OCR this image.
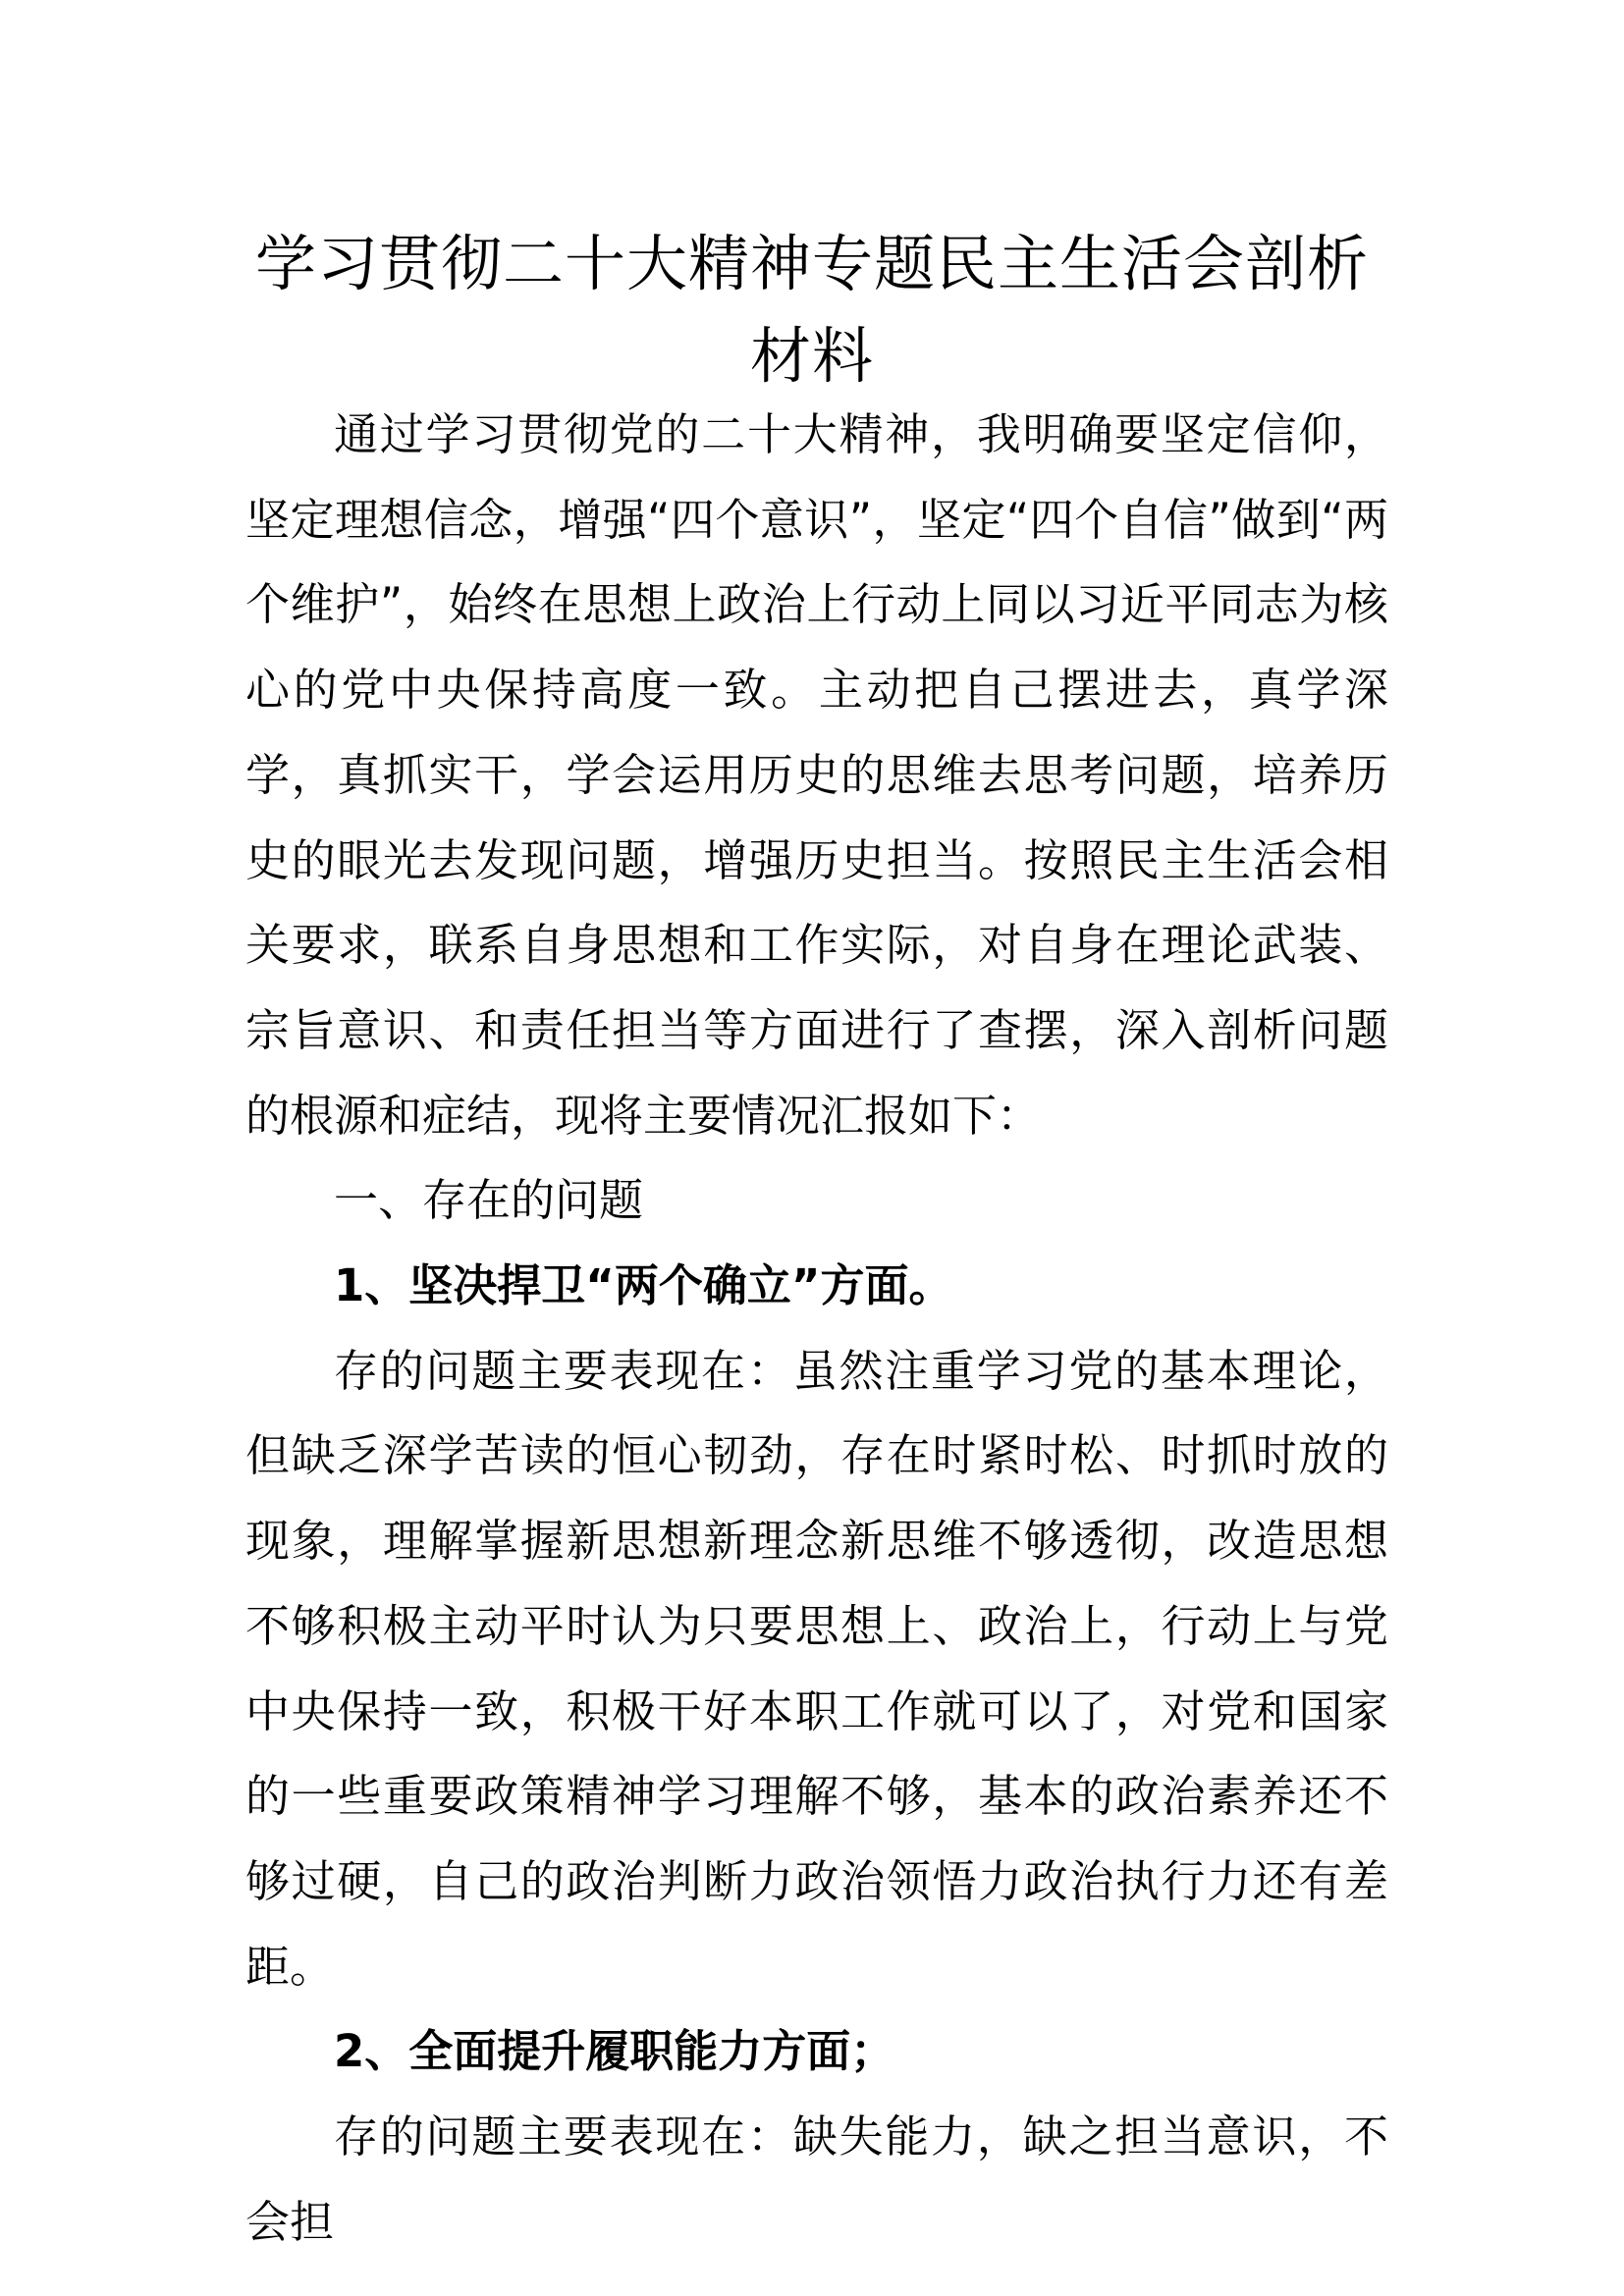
学习贯彻二十大精神专题民主生活会剖析材料

通过学习贯彻党的二十大精神，我明确要坚定信仰，坚定理想信念，增强“四个意识”，坚定“四个自信”做到“两个维护”，始终在思想上政治上行动上同以习近平同志为核心的党中央保持高度一致。主动把自己摆进去，真学深学，真抓实干，学会运用历史的思维去思考问题，培养历史的眼光去发现问题，增强历史担当。按照民主生活会相关要求，联系自身思想和工作实际，对自身在理论武装、宗旨意识、和责任担当等方面进行了查摆，深入剖析问题的根源和症结，现将主要情况汇报如下：

一、存在的问题

1、坚决捍卫“两个确立”方面。

存的问题主要表现在：虽然注重学习党的基本理论，但缺乏深学苦读的恒心韧劲，存在时紧时松、时抓时放的现象，理解掌握新思想新理念新思维不够透彻，改造思想不够积极主动平时认为只要思想上、政治上，行动上与党中央保持一致，积极干好本职工作就可以了，对党和国家的一些重要政策精神学习理解不够，基本的政治素养还不够过硬，自己的政治判断力政治领悟力政治执行力还有差距。

2、全面提升履职能力方面；

存的问题主要表现在：缺失能力，缺之担当意识，不会担
